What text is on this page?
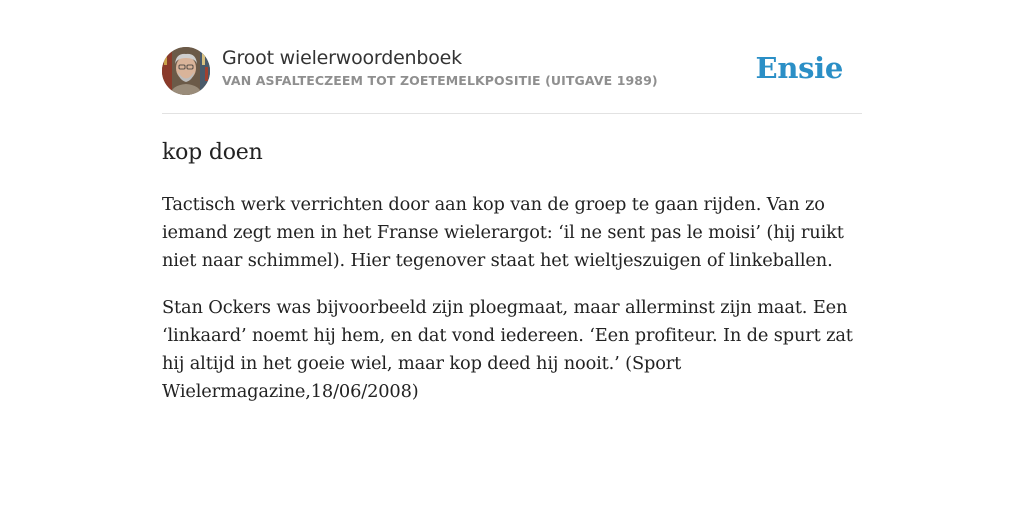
Groot wielerwoordenboek
VAN ASFALTECZEEM TOT ZOETEMELKPOSITIE (UITGAVE 1989)	Ensie
kop doen

Tactisch werk verrichten door aan kop van de groep te gaan rijden. Van zo iemand zegt men in het Franse wielerargot: ‘il ne sent pas le moisi’ (hij ruikt niet naar schimmel). Hier tegenover staat het wieltjeszuigen of linkeballen.

Stan Ockers was bijvoorbeeld zijn ploegmaat, maar allerminst zijn maat. Een ‘linkaard’ noemt hij hem, en dat vond iedereen. ‘Een profiteur. In de spurt zat hij altijd in het goeie wiel, maar kop deed hij nooit.’ (Sport Wielermagazine,18/06/2008)
